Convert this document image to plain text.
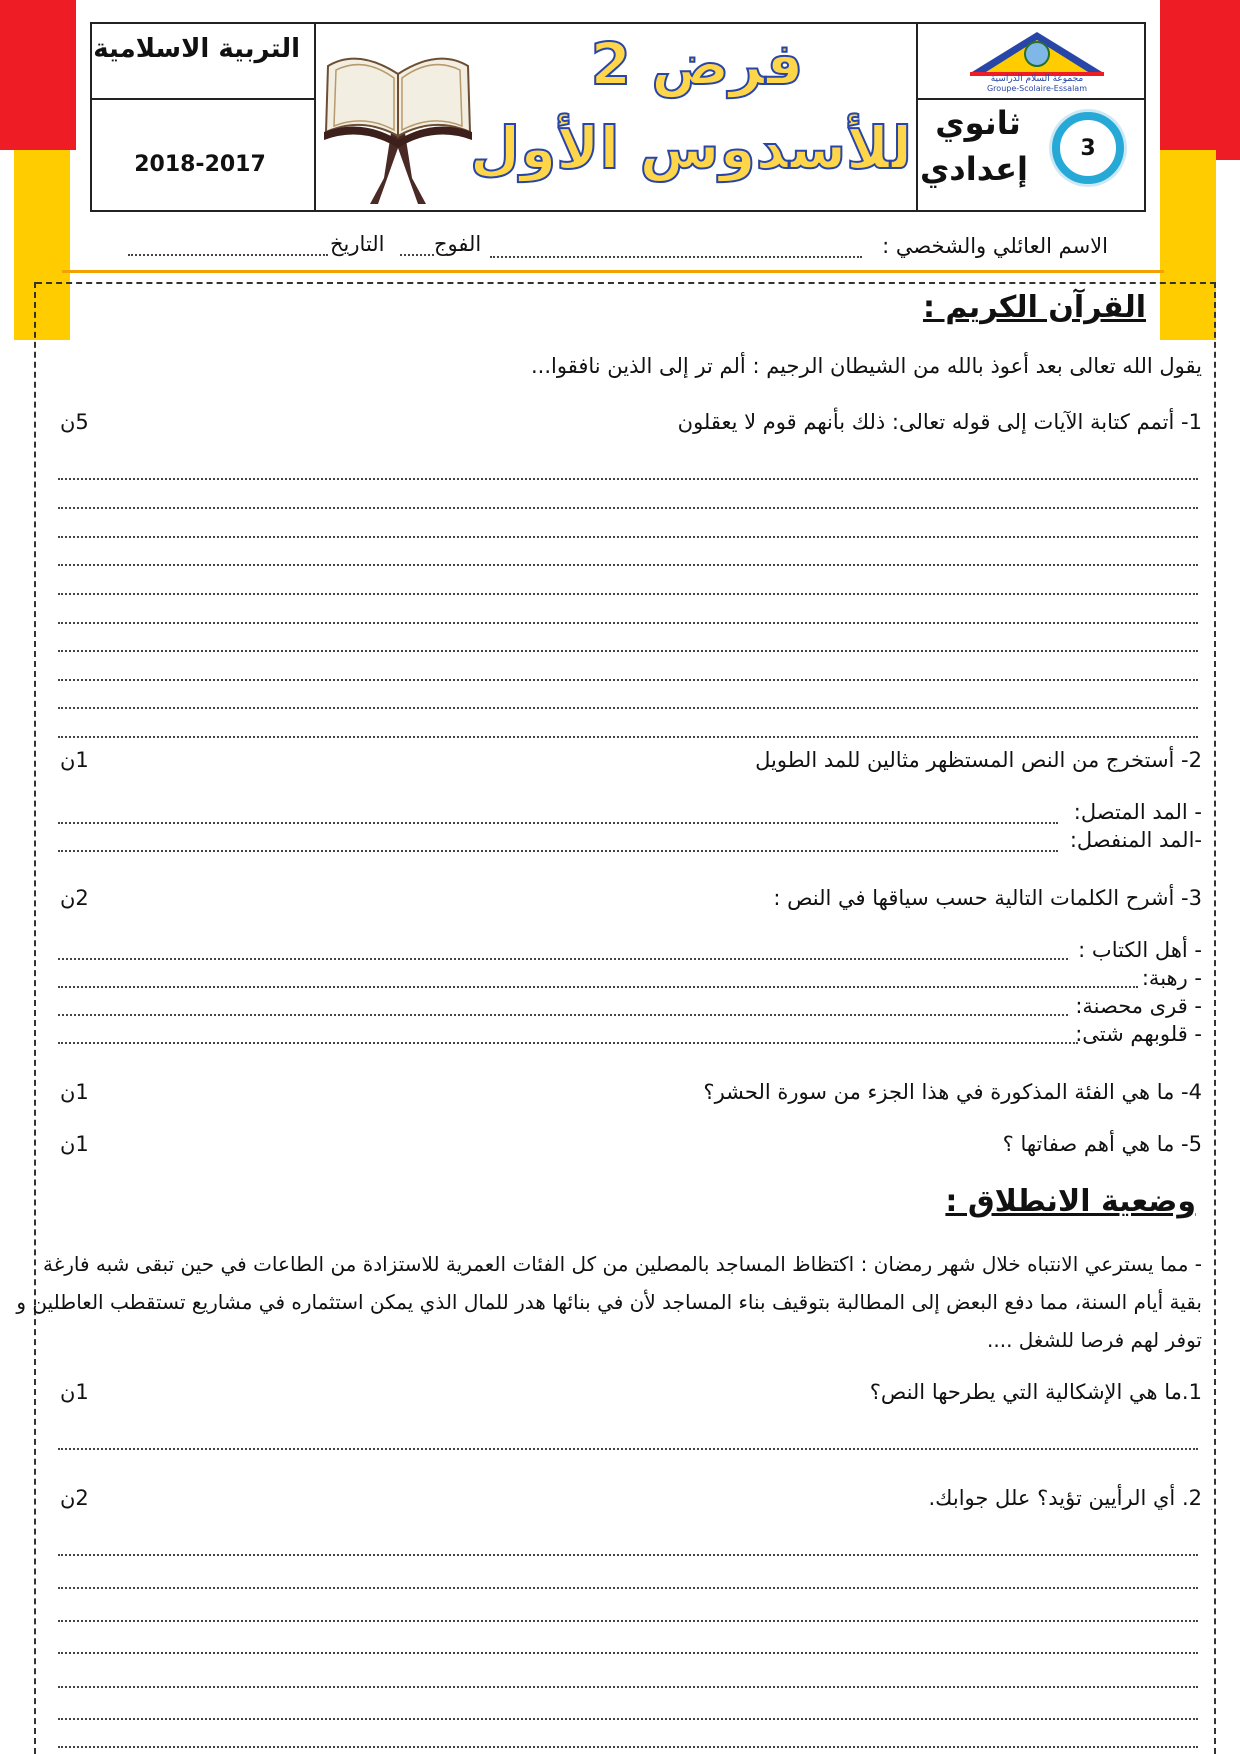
التربية الاسلامية
2018-2017
فرض 2
للأسدوس الأول
مجموعة السلام الدراسية
Groupe-Scolaire-Essalam
ثانوي
إعدادي
3
الاسم العائلي والشخصي :
الفوج
التاريخ
القرآن الكريم :
يقول الله تعالى بعد أعوذ بالله من الشيطان الرجيم : ألم تر إلى الذين نافقوا...
1- أتمم كتابة الآيات إلى قوله تعالى: ذلك بأنهم قوم لا يعقلون
5ن
2- أستخرج من النص المستظهر مثالين للمد الطويل
1ن
- المد المتصل:
-المد المنفصل:
3- أشرح الكلمات التالية حسب سياقها في النص :
2ن
- أهل الكتاب :
- رهبة:
- قرى محصنة:
- قلوبهم شتى:
4- ما هي الفئة المذكورة في هذا الجزء من سورة الحشر؟
1ن
5- ما هي أهم صفاتها ؟
1ن
وضعية الانطلاق :
- مما يسترعي الانتباه خلال شهر رمضان : اكتظاظ المساجد بالمصلين من كل الفئات العمرية للاستزادة من الطاعات في حين تبقى شبه فارغة
بقية أيام السنة، مما دفع البعض إلى المطالبة بتوقيف بناء المساجد لأن في بنائها هدر للمال الذي يمكن استثماره في مشاريع تستقطب العاطلين و
توفر لهم فرصا للشغل ....
1.ما هي الإشكالية التي يطرحها النص؟
1ن
2. أي الرأيين تؤيد؟ علل جوابك.
2ن
